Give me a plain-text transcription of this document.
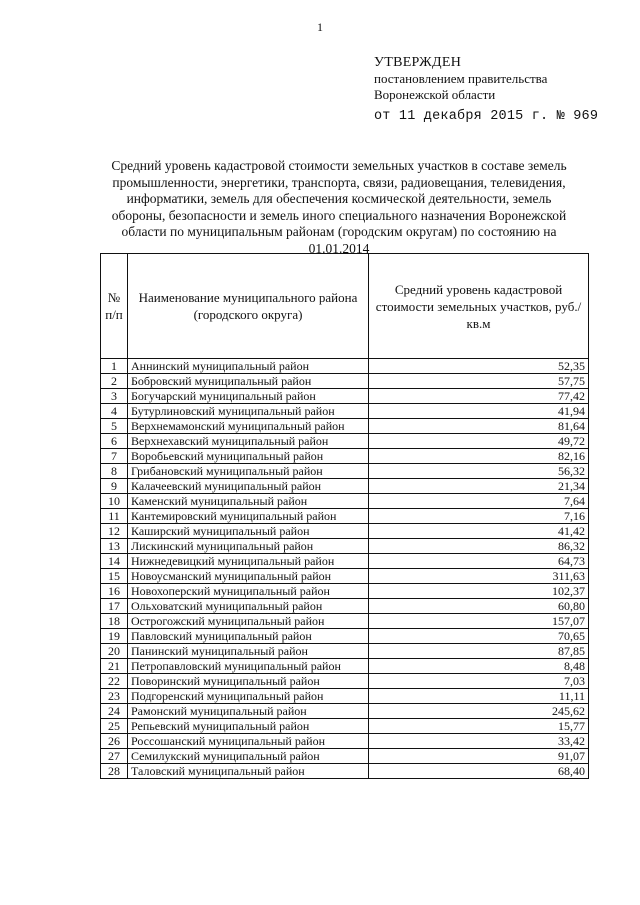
1
УТВЕРЖДЕН
постановлением правительства
Воронежской области
от 11 декабря 2015 г. № 969
Средний уровень кадастровой стоимости земельных участков в составе земель промышленности, энергетики, транспорта, связи, радиовещания, телевидения, информатики, земель для обеспечения космической деятельности, земель обороны, безопасности и земель иного специального назначения Воронежской области по муниципальным районам (городским округам) по состоянию на 01.01.2014
№ п/п	Наименование муниципального района (городского округа)	Средний уровень кадастровой стоимости земельных участков, руб./кв.м
1	Аннинский муниципальный район	52,35
2	Бобровский муниципальный район	57,75
3	Богучарский муниципальный район	77,42
4	Бутурлиновский муниципальный район	41,94
5	Верхнемамонский муниципальный район	81,64
6	Верхнехавский муниципальный район	49,72
7	Воробьевский муниципальный район	82,16
8	Грибановский муниципальный район	56,32
9	Калачеевский муниципальный район	21,34
10	Каменский муниципальный район	7,64
11	Кантемировский муниципальный район	7,16
12	Каширский муниципальный район	41,42
13	Лискинский муниципальный район	86,32
14	Нижнедевицкий муниципальный район	64,73
15	Новоусманский муниципальный район	311,63
16	Новохоперский муниципальный район	102,37
17	Ольховатский муниципальный район	60,80
18	Острогожский муниципальный район	157,07
19	Павловский муниципальный район	70,65
20	Панинский муниципальный район	87,85
21	Петропавловский муниципальный район	8,48
22	Поворинский муниципальный район	7,03
23	Подгоренский муниципальный район	11,11
24	Рамонский муниципальный район	245,62
25	Репьевский муниципальный район	15,77
26	Россошанский муниципальный район	33,42
27	Семилукский муниципальный район	91,07
28	Таловский муниципальный район	68,40
